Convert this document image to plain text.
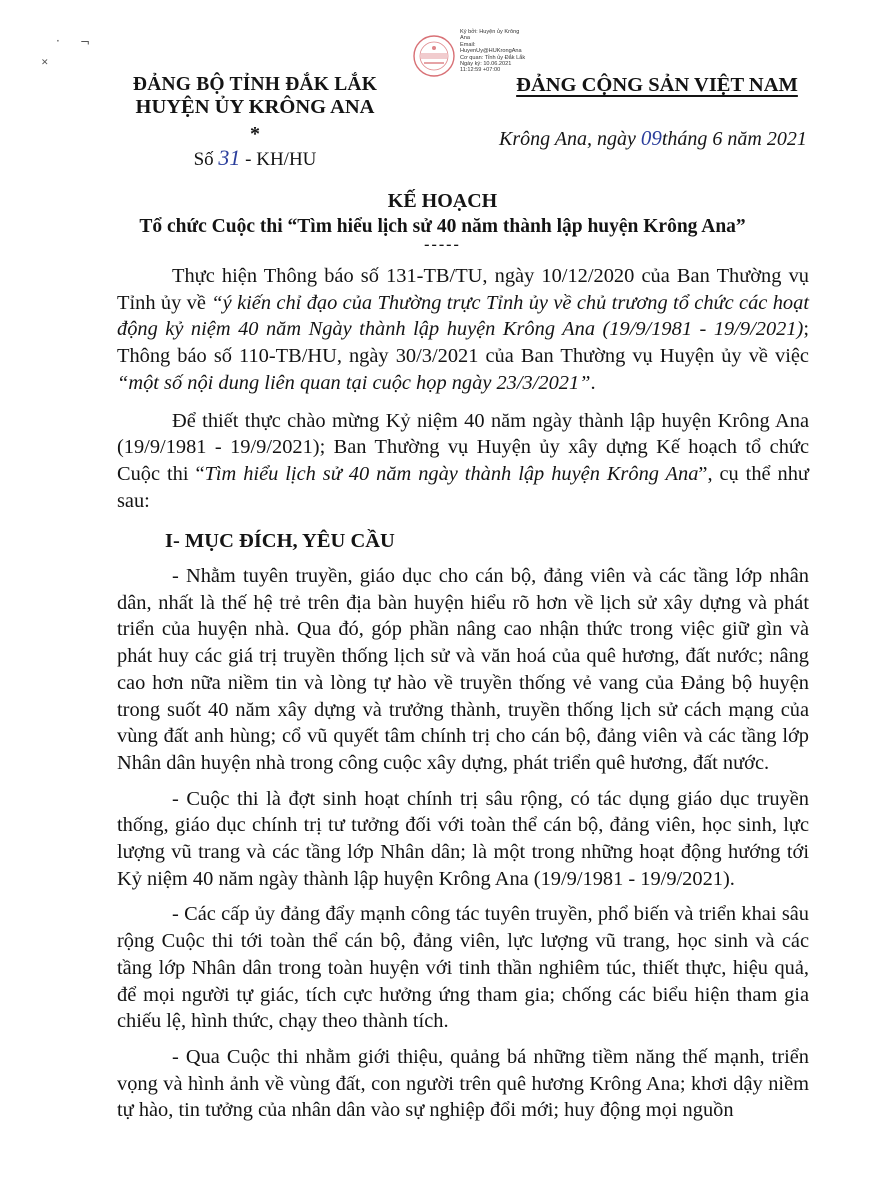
· ¬
✕
Ký bởi: Huyện ủy Krông
Ana
Email:
HuyenUy@HUKrongAna
Cơ quan: Tỉnh ủy Đắk Lắk
Ngày ký: 10.06.2021
11:12:59 +07:00
ĐẢNG BỘ TỈNH ĐẮK LẮK
HUYỆN ỦY KRÔNG ANA
*
Số 31 - KH/HU
ĐẢNG CỘNG SẢN VIỆT NAM
Krông Ana, ngày 09tháng 6 năm 2021
KẾ HOẠCH
Tổ chức Cuộc thi “Tìm hiểu lịch sử 40 năm thành lập huyện Krông Ana”
-----

Thực hiện Thông báo số 131-TB/TU, ngày 10/12/2020 của Ban Thường vụ Tỉnh ủy về “ý kiến chỉ đạo của Thường trực Tỉnh ủy về chủ trương tổ chức các hoạt động kỷ niệm 40 năm Ngày thành lập huyện Krông Ana (19/9/1981 - 19/9/2021); Thông báo số 110-TB/HU, ngày 30/3/2021 của Ban Thường vụ Huyện ủy về việc “một số nội dung liên quan tại cuộc họp ngày 23/3/2021”.

Để thiết thực chào mừng Kỷ niệm 40 năm ngày thành lập huyện Krông Ana (19/9/1981 - 19/9/2021); Ban Thường vụ Huyện ủy xây dựng Kế hoạch tổ chức Cuộc thi “Tìm hiểu lịch sử 40 năm ngày thành lập huyện Krông Ana”, cụ thể như sau:

I- MỤC ĐÍCH, YÊU CẦU

- Nhằm tuyên truyền, giáo dục cho cán bộ, đảng viên và các tầng lớp nhân dân, nhất là thế hệ trẻ trên địa bàn huyện hiểu rõ hơn về lịch sử xây dựng và phát triển của huyện nhà. Qua đó, góp phần nâng cao nhận thức trong việc giữ gìn và phát huy các giá trị truyền thống lịch sử và văn hoá của quê hương, đất nước; nâng cao hơn nữa niềm tin và lòng tự hào về truyền thống vẻ vang của Đảng bộ huyện trong suốt 40 năm xây dựng và trưởng thành, truyền thống lịch sử cách mạng của vùng đất anh hùng; cổ vũ quyết tâm chính trị cho cán bộ, đảng viên và các tầng lớp Nhân dân huyện nhà trong công cuộc xây dựng, phát triển quê hương, đất nước.

- Cuộc thi là đợt sinh hoạt chính trị sâu rộng, có tác dụng giáo dục truyền thống, giáo dục chính trị tư tưởng đối với toàn thể cán bộ, đảng viên, học sinh, lực lượng vũ trang và các tầng lớp Nhân dân; là một trong những hoạt động hướng tới Kỷ niệm 40 năm ngày thành lập huyện Krông Ana (19/9/1981 - 19/9/2021).

- Các cấp ủy đảng đẩy mạnh công tác tuyên truyền, phổ biến và triển khai sâu rộng Cuộc thi tới toàn thể cán bộ, đảng viên, lực lượng vũ trang, học sinh và các tầng lớp Nhân dân trong toàn huyện với tinh thần nghiêm túc, thiết thực, hiệu quả, để mọi người tự giác, tích cực hưởng ứng tham gia; chống các biểu hiện tham gia chiếu lệ, hình thức, chạy theo thành tích.

- Qua Cuộc thi nhằm giới thiệu, quảng bá những tiềm năng thế mạnh, triển vọng và hình ảnh về vùng đất, con người trên quê hương Krông Ana; khơi dậy niềm tự hào, tin tưởng của nhân dân vào sự nghiệp đổi mới; huy động mọi nguồn
